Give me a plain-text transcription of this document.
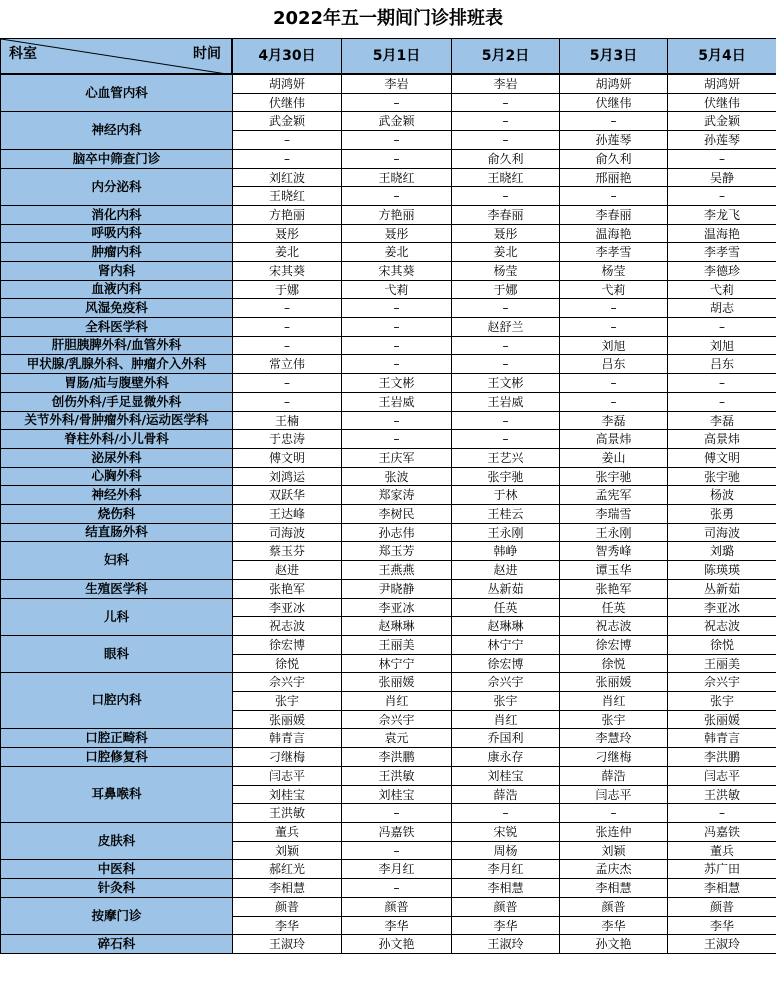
2022年五一期间门诊排班表
科室	时间	4月30日	5月1日	5月2日	5月3日	5月4日
心血管内科
胡鸿妍	李岩	李岩	胡鸿妍	胡鸿妍
伏继伟	–	–	伏继伟	伏继伟
神经内科
武金颖	武金颖	–	–	武金颖
–	–	–	孙莲琴	孙莲琴
脑卒中筛查门诊	–	–	俞久利	俞久利	–
内分泌科
刘红波	王晓红	王晓红	邢丽艳	吴静
王晓红	–	–	–	–
消化内科	方艳丽	方艳丽	李春丽	李春丽	李龙飞
呼吸内科	聂彤	聂彤	聂彤	温海艳	温海艳
肿瘤内科	姜北	姜北	姜北	李孝雪	李孝雪
肾内科	宋其葵	宋其葵	杨莹	杨莹	李德珍
血液内科	于娜	弋莉	于娜	弋莉	弋莉
风湿免疫科	–	–	–	–	胡志
全科医学科	–	–	赵舒兰	–	–
肝胆胰脾外科/血管外科	–	–	–	刘旭	刘旭
甲状腺/乳腺外科、肿瘤介入外科	常立伟	–	–	吕东	吕东
胃肠/疝与腹壁外科	–	王文彬	王文彬	–	–
创伤外科/手足显微外科	–	王岩威	王岩威	–	–
关节外科/骨肿瘤外科/运动医学科	王楠	–	–	李磊	李磊
脊柱外科/小儿骨科	于忠涛	–	–	高景炜	高景炜
泌尿外科	傅文明	王庆军	王艺兴	姜山	傅文明
心胸外科	刘鸿运	张波	张宇驰	张宇驰	张宇驰
神经外科	双跃华	郑家涛	于林	孟宪军	杨波
烧伤科	王达峰	李树民	王桂云	李瑞雪	张勇
结直肠外科	司海波	孙志伟	王永刚	王永刚	司海波
妇科
蔡玉芬	郑玉芳	韩峥	智秀峰	刘璐
赵进	王燕燕	赵进	谭玉华	陈瑛瑛
生殖医学科	张艳军	尹晓静	丛新茹	张艳军	丛新茹
儿科
李亚冰	李亚冰	任英	任英	李亚冰
祝志波	赵琳琳	赵琳琳	祝志波	祝志波
眼科
徐宏博	王丽美	林宁宁	徐宏博	徐悦
徐悦	林宁宁	徐宏博	徐悦	王丽美
口腔内科
佘兴宇	张丽媛	佘兴宇	张丽媛	佘兴宇
张宇	肖红	张宇	肖红	张宇
张丽媛	佘兴宇	肖红	张宇	张丽媛
口腔正畸科	韩青言	袁元	乔国利	李慧玲	韩青言
口腔修复科	刁继梅	李洪鹏	康永存	刁继梅	李洪鹏
耳鼻喉科
闫志平	王洪敏	刘桂宝	薛浩	闫志平
刘桂宝	刘桂宝	薛浩	闫志平	王洪敏
王洪敏	–	–	–	–
皮肤科
董兵	冯嘉铁	宋锐	张连仲	冯嘉铁
刘颖	–	周杨	刘颖	董兵
中医科	郝红光	李月红	李月红	孟庆杰	苏广田
针灸科	李相慧	–	李相慧	李相慧	李相慧
按摩门诊
颜普	颜普	颜普	颜普	颜普
李华	李华	李华	李华	李华
碎石科	王淑玲	孙文艳	王淑玲	孙文艳	王淑玲
